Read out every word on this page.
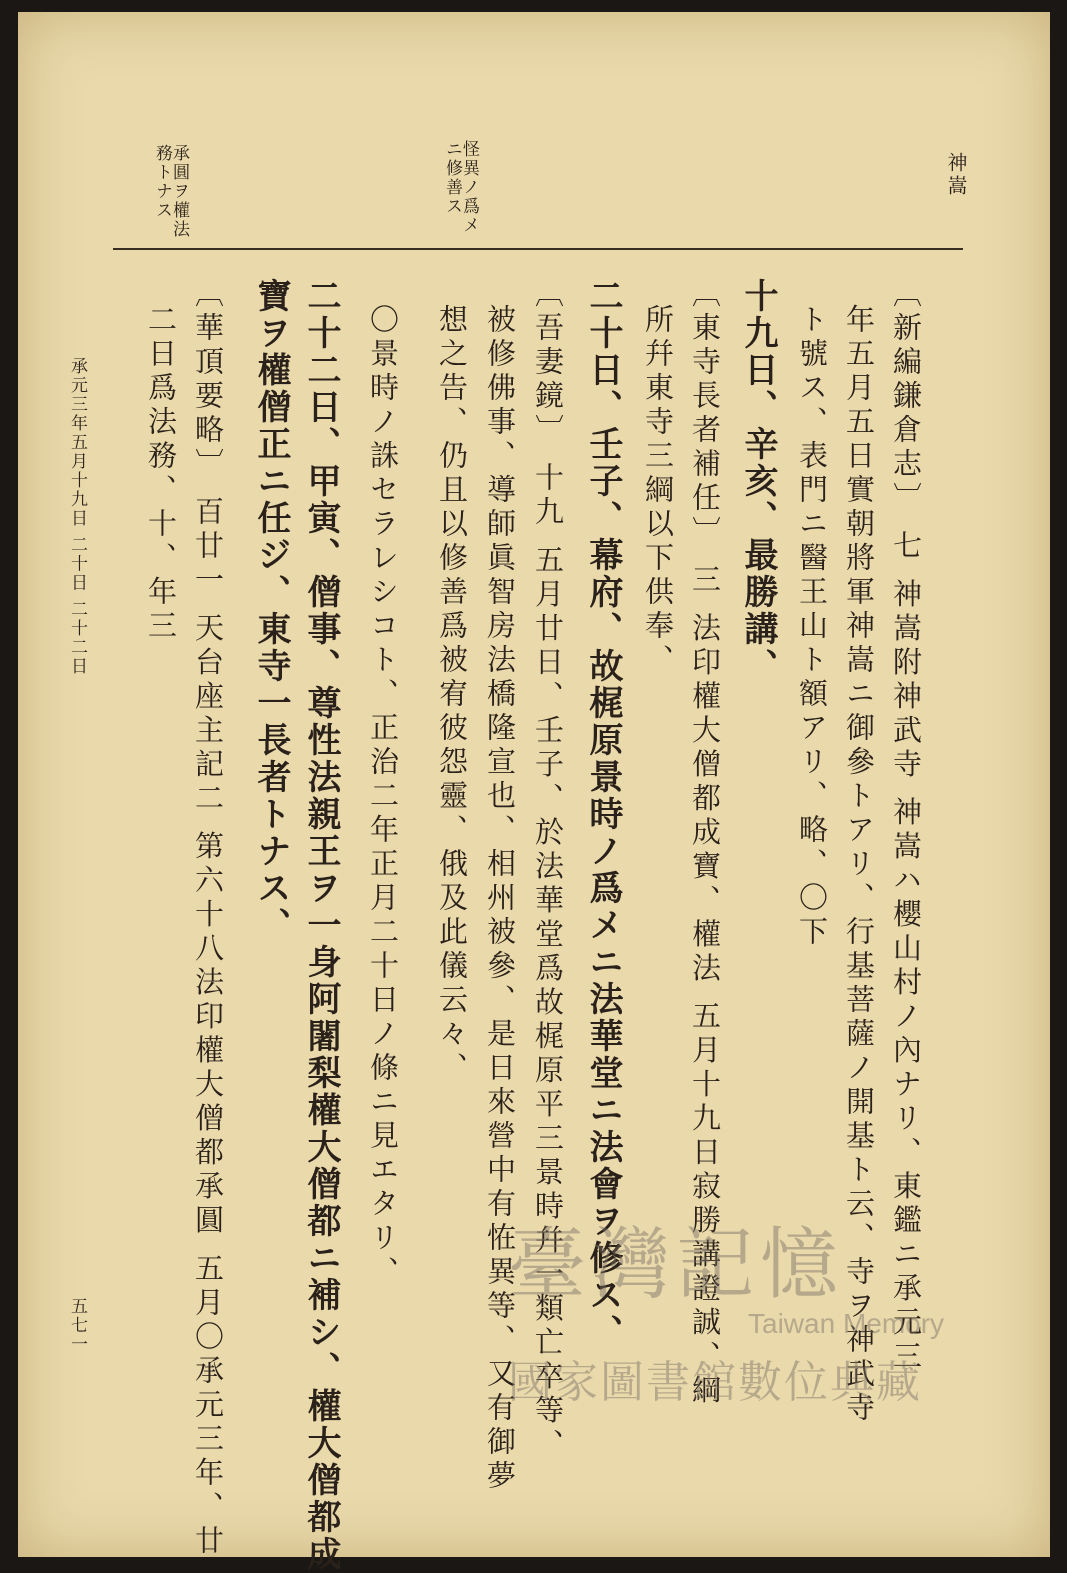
神嵩
怪異ノ爲メニ修善ス
承圓ヲ權法務トナス
〔新編鎌倉志〕 七 神嵩附神武寺 神嵩ハ櫻山村ノ內ナリ、東鑑ニ承元三
年五月五日實朝將軍神嵩ニ御參トアリ、行基菩薩ノ開基ト云、寺ヲ神武寺
ト號ス、表門ニ醫王山ト額アリ、略、〇下
十九日、辛亥、最勝講、
〔東寺長者補任〕 三 法印權大僧都成寶、權法 五月十九日寂勝講證誠、綱
所幷東寺三綱以下供奉、
二十日、壬子、幕府、故梶原景時ノ爲メニ法華堂ニ法會ヲ修ス、
〔吾妻鏡〕 十九 五月廿日、壬子、於法華堂爲故梶原平三景時幷一類亡卒等、
被修佛事、導師眞智房法橋隆宣也、相州被參、是日來營中有恠異等、又有御夢
想之告、仍且以修善爲被宥彼怨靈、俄及此儀云々、
〇景時ノ誅セラレシコト、正治二年正月二十日ノ條ニ見エタリ、
二十二日、甲寅、僧事、尊性法親王ヲ一身阿闍梨權大僧都ニ補シ、權大僧都成
寶ヲ權僧正ニ任ジ、東寺一長者トナス、
〔華頂要略〕 百廿一 天台座主記二 第六十八法印權大僧都承圓 五月〇承元三年、廿
二日爲法務、十、年三
承元三年五月十九日 二十日 二十二日
五七一
臺灣記憶
Taiwan Memory
國家圖書館數位典藏
